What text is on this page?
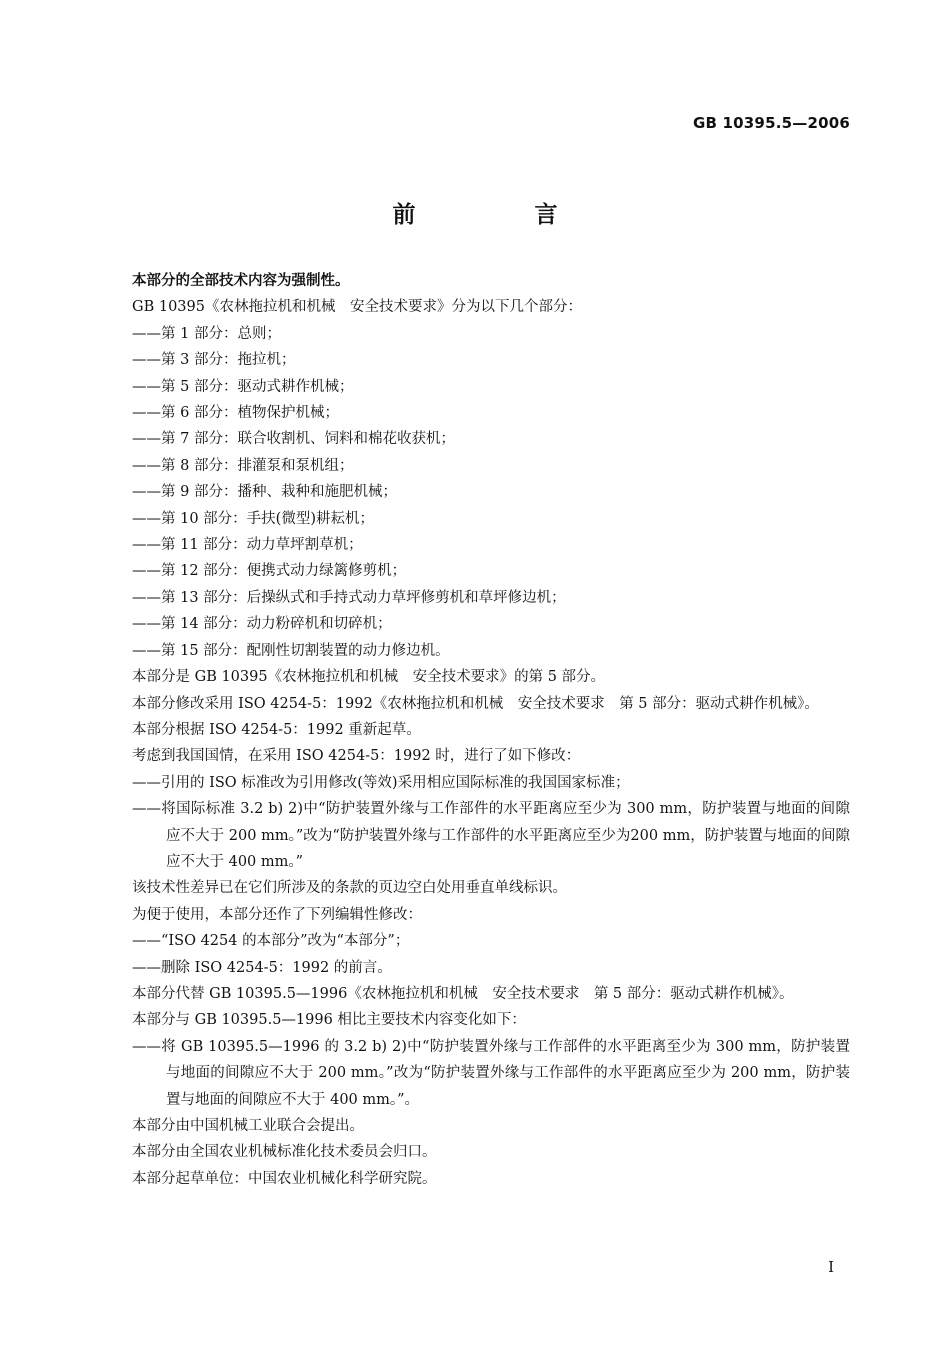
GB 10395.5—2006
前　言

本部分的全部技术内容为强制性。

GB 10395《农林拖拉机和机械　安全技术要求》分为以下几个部分：

——第 1 部分：总则；

——第 3 部分：拖拉机；

——第 5 部分：驱动式耕作机械；

——第 6 部分：植物保护机械；

——第 7 部分：联合收割机、饲料和棉花收获机；

——第 8 部分：排灌泵和泵机组；

——第 9 部分：播种、栽种和施肥机械；

——第 10 部分：手扶(微型)耕耘机；

——第 11 部分：动力草坪割草机；

——第 12 部分：便携式动力绿篱修剪机；

——第 13 部分：后操纵式和手持式动力草坪修剪机和草坪修边机；

——第 14 部分：动力粉碎机和切碎机；

——第 15 部分：配刚性切割装置的动力修边机。

本部分是 GB 10395《农林拖拉机和机械　安全技术要求》的第 5 部分。

本部分修改采用 ISO 4254-5：1992《农林拖拉机和机械　安全技术要求　第 5 部分：驱动式耕作机械》。

本部分根据 ISO 4254-5：1992 重新起草。

考虑到我国国情，在采用 ISO 4254-5：1992 时，进行了如下修改：

——引用的 ISO 标准改为引用修改(等效)采用相应国际标准的我国国家标准；

——将国际标准 3.2 b) 2)中“防护装置外缘与工作部件的水平距离应至少为 300 mm，防护装置与地面的间隙应不大于 200 mm。”改为“防护装置外缘与工作部件的水平距离应至少为200 mm，防护装置与地面的间隙应不大于 400 mm。”

该技术性差异已在它们所涉及的条款的页边空白处用垂直单线标识。

为便于使用，本部分还作了下列编辑性修改：

——“ISO 4254 的本部分”改为“本部分”；

——删除 ISO 4254-5：1992 的前言。

本部分代替 GB 10395.5—1996《农林拖拉机和机械　安全技术要求　第 5 部分：驱动式耕作机械》。

本部分与 GB 10395.5—1996 相比主要技术内容变化如下：

——将 GB 10395.5—1996 的 3.2 b) 2)中“防护装置外缘与工作部件的水平距离至少为 300 mm，防护装置与地面的间隙应不大于 200 mm。”改为“防护装置外缘与工作部件的水平距离应至少为 200 mm，防护装置与地面的间隙应不大于 400 mm。”。

本部分由中国机械工业联合会提出。

本部分由全国农业机械标准化技术委员会归口。

本部分起草单位：中国农业机械化科学研究院。

I
